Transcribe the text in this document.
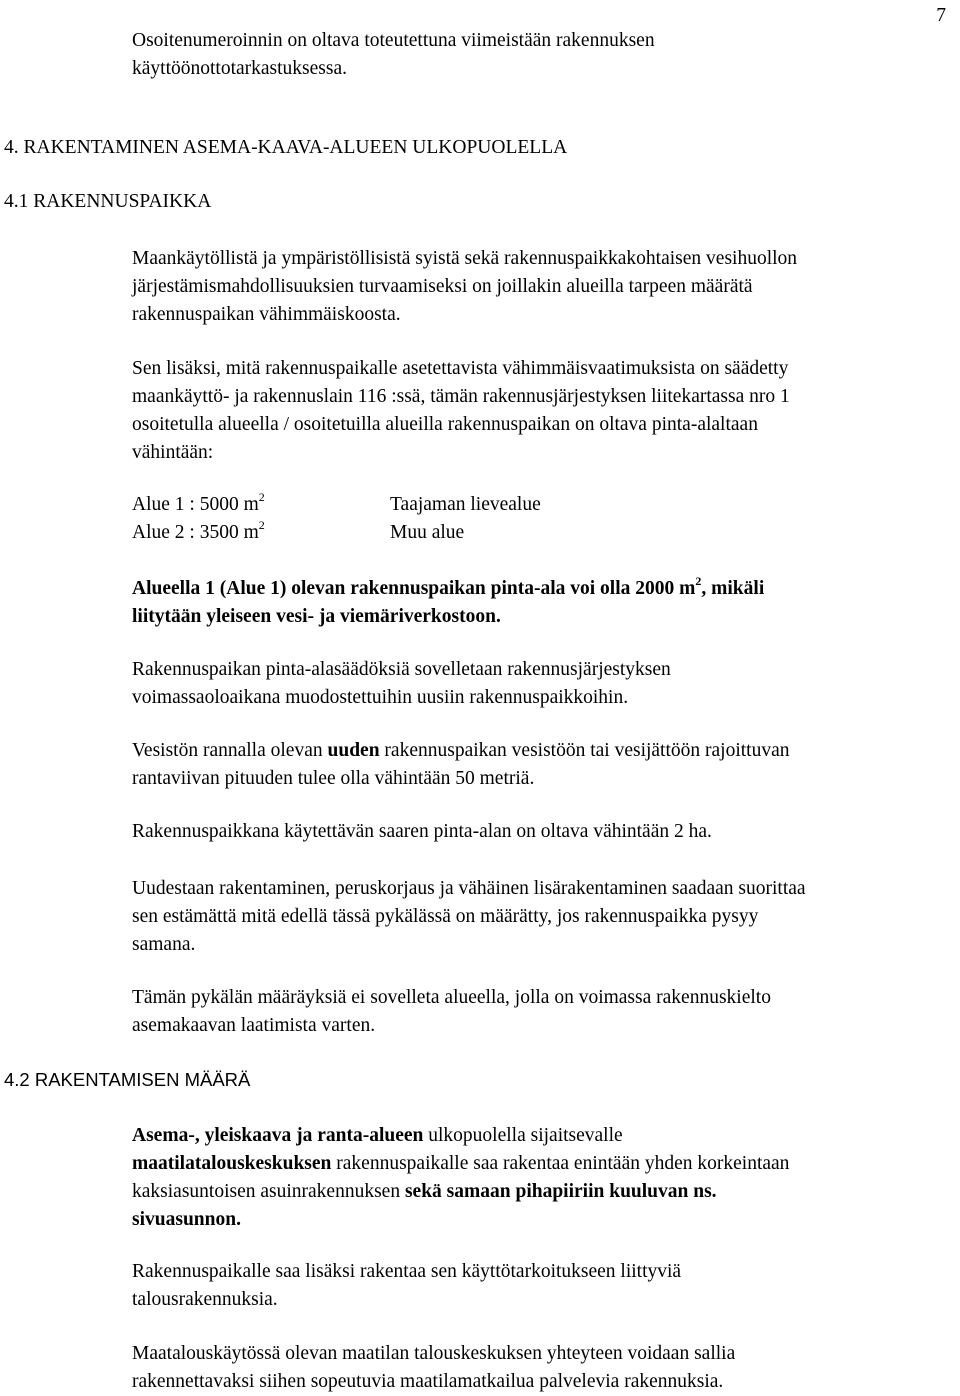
7

Osoitenumeroinnin on oltava toteutettuna viimeistään rakennuksen
käyttöönottotarkastuksessa.

4. RAKENTAMINEN ASEMA-KAAVA-ALUEEN ULKOPUOLELLA

4.1 RAKENNUSPAIKKA

Maankäytöllistä ja ympäristöllisistä syistä sekä rakennuspaikkakohtaisen vesihuollon
järjestämismahdollisuuksien turvaamiseksi on joillakin alueilla tarpeen määrätä
rakennuspaikan vähimmäiskoosta.

Sen lisäksi, mitä rakennuspaikalle asetettavista vähimmäisvaatimuksista on säädetty
maankäyttö- ja rakennuslain 116 :ssä, tämän rakennusjärjestyksen liitekartassa nro 1
osoitetulla alueella / osoitetuilla alueilla rakennuspaikan on oltava pinta-alaltaan
vähintään:

Alue 1 : 5000 $m^2$	Taajaman lievealue
Alue 2 : 3500 $m^2$	Muu alue

Alueella 1 (Alue 1) olevan rakennuspaikan pinta-ala voi olla 2000 $m^2$, mikäli
liitytään yleiseen vesi- ja viemäriverkostoon.

Rakennuspaikan pinta-alasäädöksiä sovelletaan rakennusjärjestyksen
voimassaoloaikana muodostettuihin uusiin rakennuspaikkoihin.

Vesistön rannalla olevan uuden rakennuspaikan vesistöön tai vesijättöön rajoittuvan
rantaviivan pituuden tulee olla vähintään 50 metriä.

Rakennuspaikkana käytettävän saaren pinta-alan on oltava vähintään 2 ha.

Uudestaan rakentaminen, peruskorjaus ja vähäinen lisärakentaminen saadaan suorittaa
sen estämättä mitä edellä tässä pykälässä on määrätty, jos rakennuspaikka pysyy
samana.

Tämän pykälän määräyksiä ei sovelleta alueella, jolla on voimassa rakennuskielto
asemakaavan laatimista varten.

4.2 RAKENTAMISEN MÄÄRÄ

Asema-, yleiskaava ja ranta-alueen ulkopuolella sijaitsevalle
maatilatalouskeskuksen rakennuspaikalle saa rakentaa enintään yhden korkeintaan
kaksiasuntoisen asuinrakennuksen sekä samaan pihapiiriin kuuluvan ns.
sivuasunnon.

Rakennuspaikalle saa lisäksi rakentaa sen käyttötarkoitukseen liittyviä
talousrakennuksia.

Maatalouskäytössä olevan maatilan talouskeskuksen yhteyteen voidaan sallia
rakennettavaksi siihen sopeutuvia maatilamatkailua palvelevia rakennuksia.
